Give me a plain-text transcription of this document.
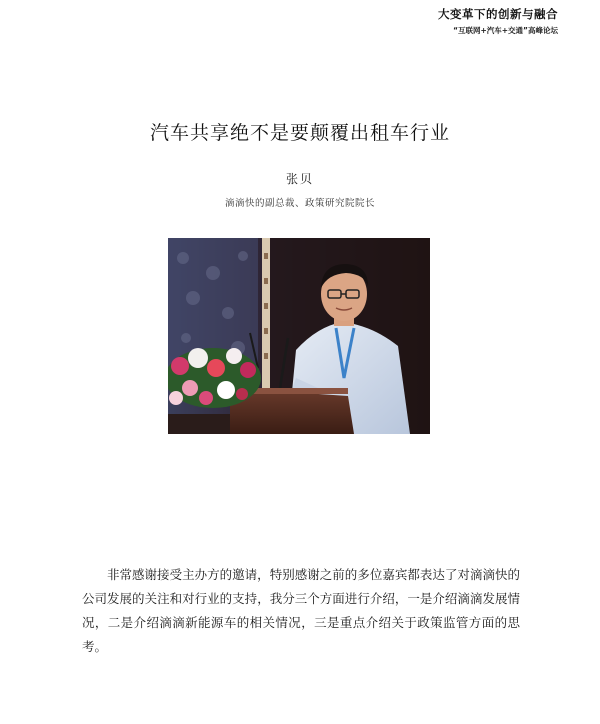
大变革下的创新与融合
“互联网+汽车+交通”高峰论坛
汽车共享绝不是要颠覆出租车行业
张贝
滴滴快的副总裁、政策研究院院长

非常感谢接受主办方的邀请，特别感谢之前的多位嘉宾都表达了对滴滴快的公司发展的关注和对行业的支持，我分三个方面进行介绍，一是介绍滴滴发展情况，二是介绍滴滴新能源车的相关情况，三是重点介绍关于政策监管方面的思考。
